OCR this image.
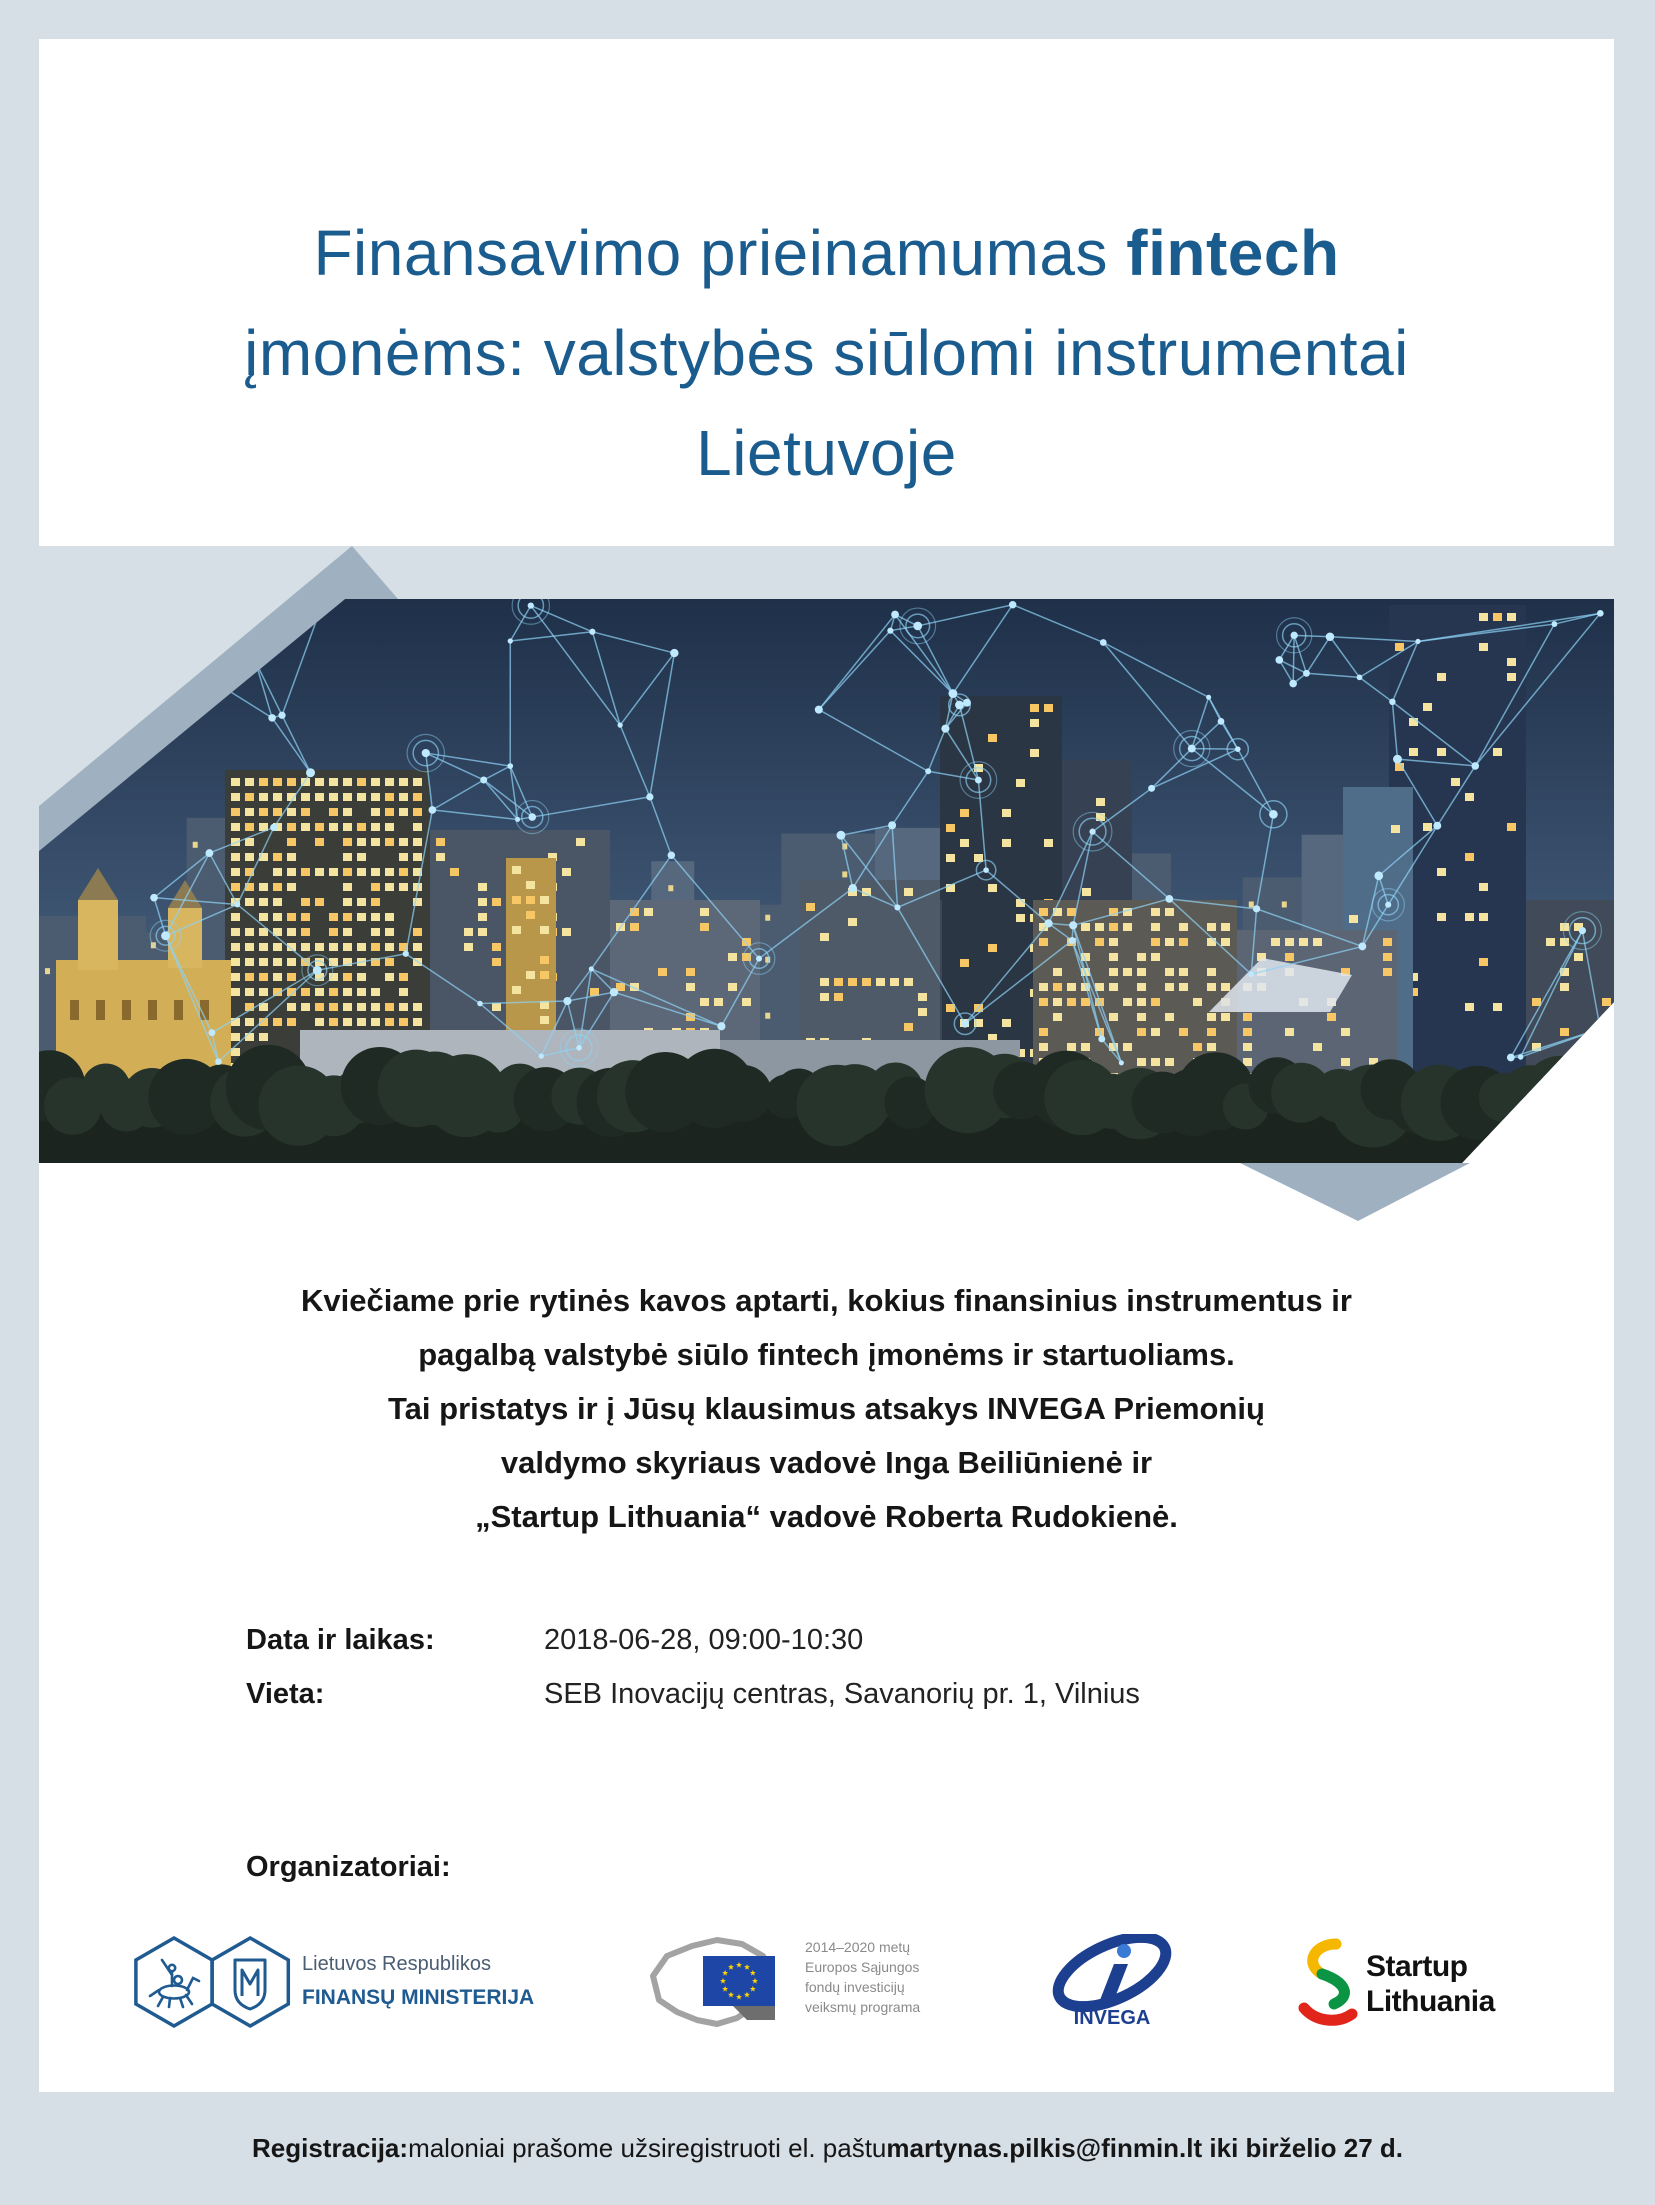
Finansavimo prieinamumas fintech
įmonėms: valstybės siūlomi instrumentai
Lietuvoje
Kviečiame prie rytinės kavos aptarti, kokius finansinius instrumentus ir
pagalbą valstybė siūlo fintech įmonėms ir startuoliams.
Tai pristatys ir į Jūsų klausimus atsakys INVEGA Priemonių
valdymo skyriaus vadovė Inga Beiliūnienė ir
„Startup Lithuania“ vadovė Roberta Rudokienė.
Data ir laikas:	2018-06-28, 09:00-10:30
Vieta:	SEB Inovacijų centras, Savanorių pr. 1, Vilnius
Organizatoriai:
Lietuvos Respublikos
FINANSŲ MINISTERIJA
2014–2020 metų
Europos Sąjungos
fondų investicijų
veiksmų programa	INVEGA
Startup
Lithuania
Registracija: maloniai prašome užsiregistruoti el. paštu martynas.pilkis@finmin.lt iki birželio 27 d.
